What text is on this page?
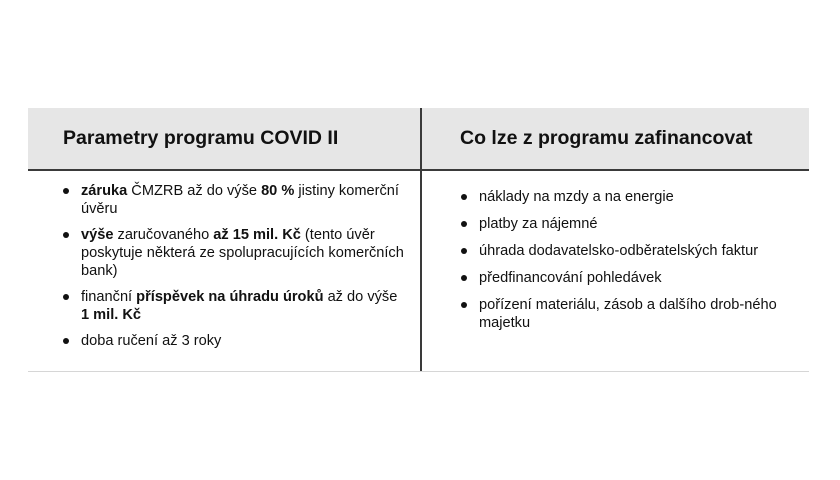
Parametry programu COVID II	Co lze z programu zafinancovat
záruka ČMZRB až do výše 80 % jistiny komerční úvěru
výše zaručovaného až 15 mil. Kč (tento úvěr poskytuje některá ze spolupracujících komerčních bank)
finanční příspěvek na úhradu úroků až do výše 1 mil. Kč
doba ručení až 3 roky
náklady na mzdy a na energie
platby za nájemné
úhrada dodavatelsko-odběratelských faktur
předfinancování pohledávek
pořízení materiálu, zásob a dalšího drob-ného majetku
